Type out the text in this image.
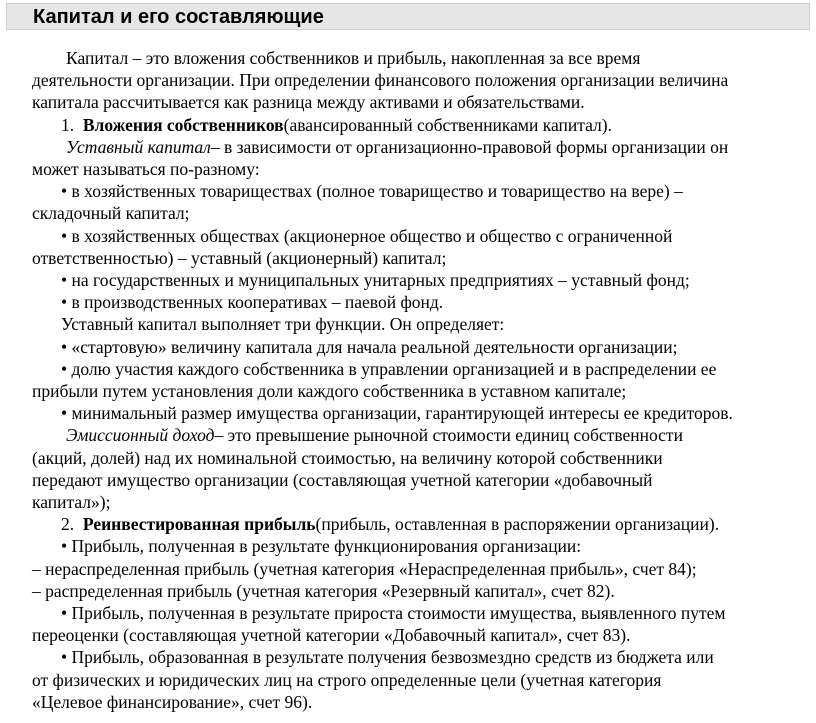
Капитал и его составляющие

Капитал – это вложения собственников и прибыль, накопленная за все время

деятельности организации. При определении финансового положения организации величина

капитала рассчитывается как разница между активами и обязательствами.

1. Вложения собственников(авансированный собственниками капитал).

Уставный капитал– в зависимости от организационно-правовой формы организации он

может называться по-разному:

• в хозяйственных товариществах (полное товарищество и товарищество на вере) –

складочный капитал;

• в хозяйственных обществах (акционерное общество и общество с ограниченной

ответственностью) – уставный (акционерный) капитал;

• на государственных и муниципальных унитарных предприятиях – уставный фонд;

• в производственных кооперативах – паевой фонд.

Уставный капитал выполняет три функции. Он определяет:

• «стартовую» величину капитала для начала реальной деятельности организации;

• долю участия каждого собственника в управлении организацией и в распределении ее

прибыли путем установления доли каждого собственника в уставном капитале;

• минимальный размер имущества организации, гарантирующей интересы ее кредиторов.

Эмиссионный доход– это превышение рыночной стоимости единиц собственности

(акций, долей) над их номинальной стоимостью, на величину которой собственники

передают имущество организации (составляющая учетной категории «добавочный

капитал»);

2. Реинвестированная прибыль(прибыль, оставленная в распоряжении организации).

• Прибыль, полученная в результате функционирования организации:

– нераспределенная прибыль (учетная категория «Нераспределенная прибыль», счет 84);

– распределенная прибыль (учетная категория «Резервный капитал», счет 82).

• Прибыль, полученная в результате прироста стоимости имущества, выявленного путем

переоценки (составляющая учетной категории «Добавочный капитал», счет 83).

• Прибыль, образованная в результате получения безвозмездно средств из бюджета или

от физических и юридических лиц на строго определенные цели (учетная категория

«Целевое финансирование», счет 96).
